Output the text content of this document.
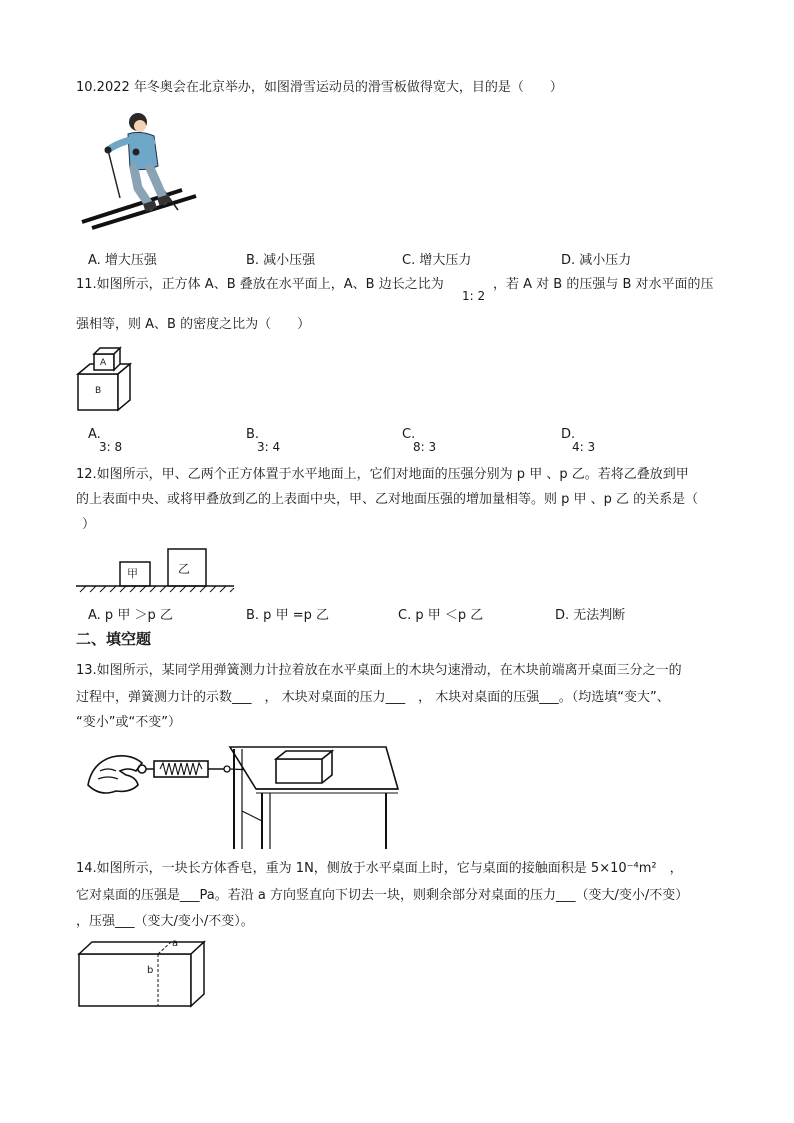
10.2022 年冬奥会在北京举办，如图滑雪运动员的滑雪板做得宽大，目的是（　　）
A. 增大压强	B. 减小压强	C. 增大压力	D. 减小压力
11.如图所示，正方体 A、B 叠放在水平面上，A、B 边长之比为
1: 2
，若 A 对 B 的压强与 B 对水平面的压
强相等，则 A、B 的密度之比为（　　）
A
B
A.
3: 8
B.
3: 4
C.
8: 3
D.
4: 3
12.如图所示，甲、乙两个正方体置于水平地面上，它们对地面的压强分别为 p 甲 、p 乙。若将乙叠放到甲
的上表面中央、或将甲叠放到乙的上表面中央，甲、乙对地面压强的增加量相等。则 p 甲 、p 乙 的关系是（
）
甲	乙
A. p 甲 ＞p 乙	B. p 甲 =p 乙	C. p 甲 ＜p 乙	D. 无法判断
二、填空题
13.如图所示，某同学用弹簧测力计拉着放在水平桌面上的木块匀速滑动，在木块前端离开桌面三分之一的
过程中，弹簧测力计的示数___　， 木块对桌面的压力___　， 木块对桌面的压强___。（均选填“变大”、
“变小”或“不变”）
14.如图所示，一块长方体香皂，重为 1N，侧放于水平桌面上时，它与桌面的接触面积是 5×10⁻⁴m²　，
它对桌面的压强是___Pa。若沿 a 方向竖直向下切去一块，则剩余部分对桌面的压力___（变大/变小/不变）
，压强___（变大/变小/不变）。
a
b
